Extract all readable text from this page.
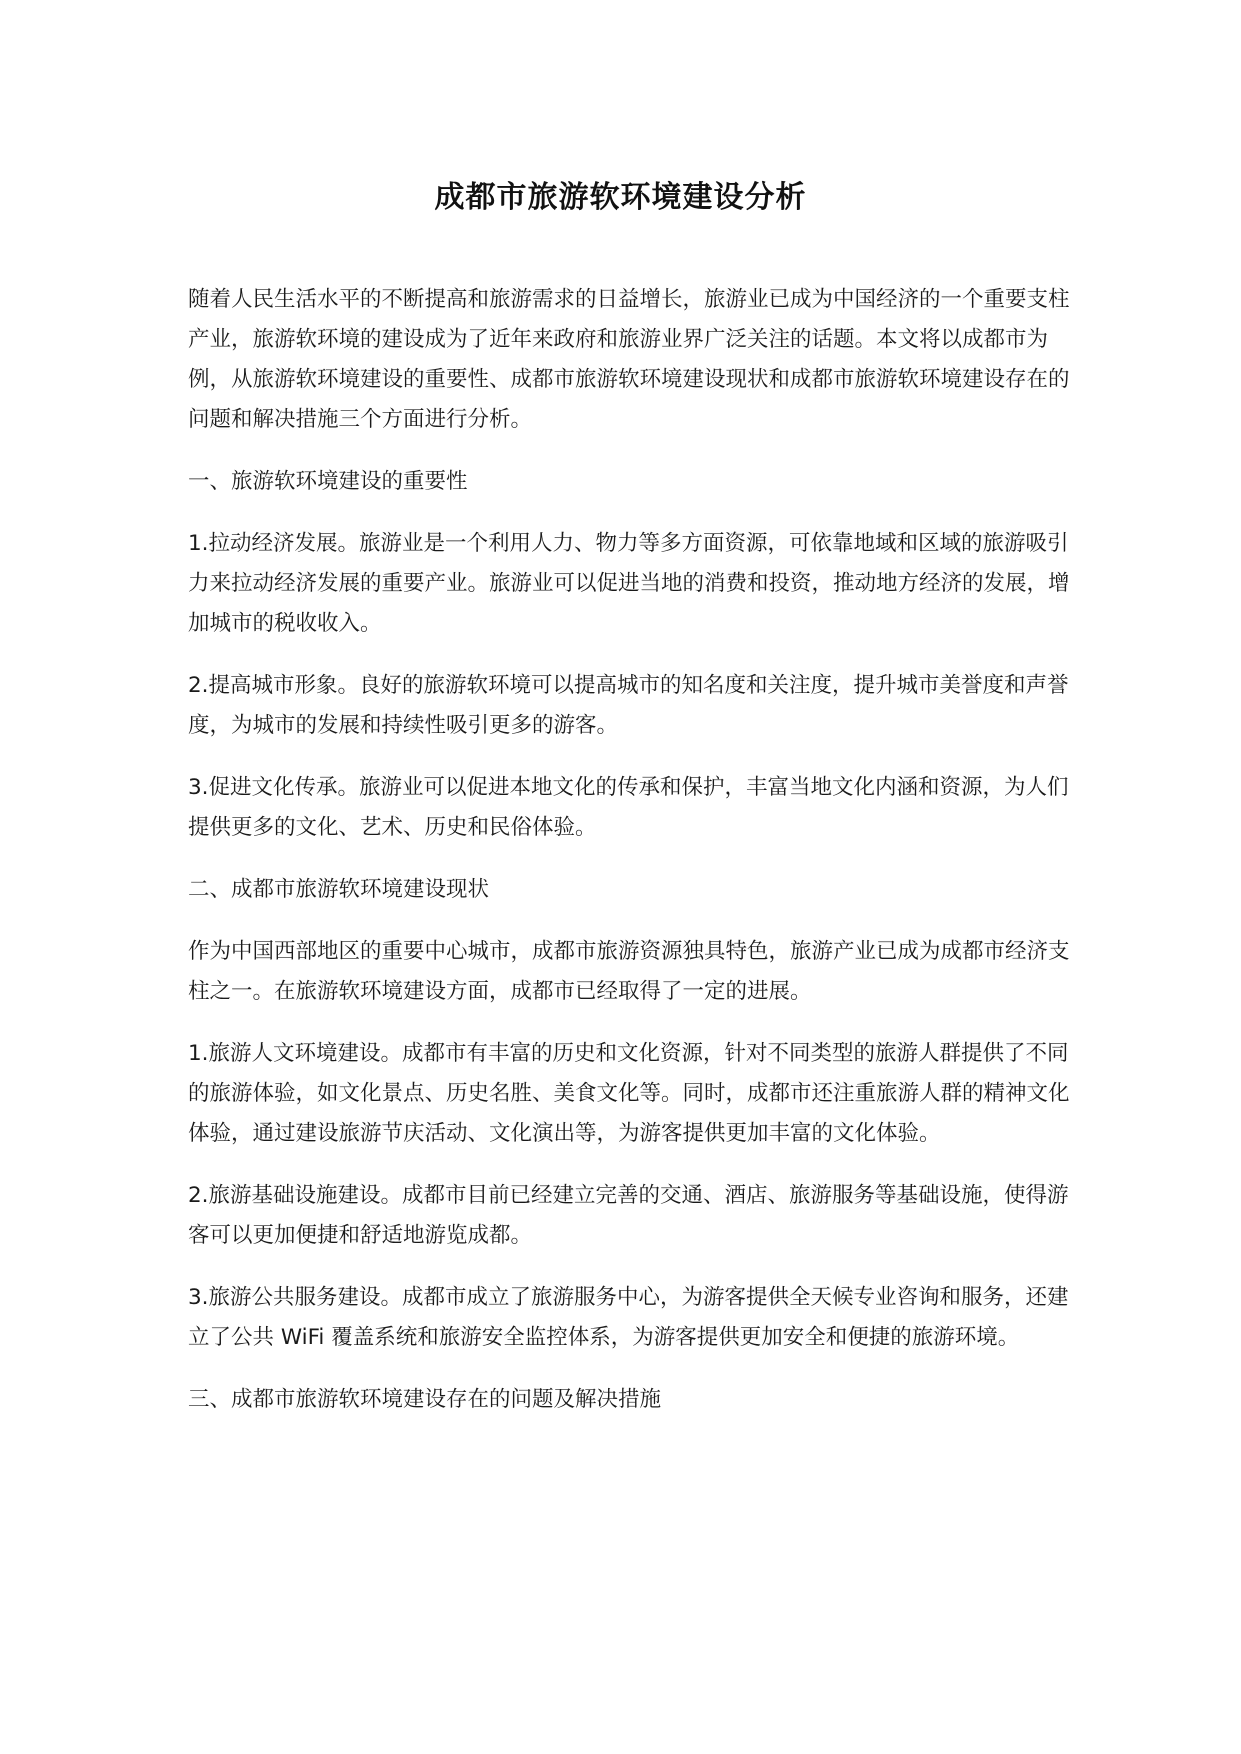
成都市旅游软环境建设分析

随着人民生活水平的不断提高和旅游需求的日益增长，旅游业已成为中国经济的一个重要支柱产业，旅游软环境的建设成为了近年来政府和旅游业界广泛关注的话题。本文将以成都市为例，从旅游软环境建设的重要性、成都市旅游软环境建设现状和成都市旅游软环境建设存在的问题和解决措施三个方面进行分析。

一、旅游软环境建设的重要性

1.拉动经济发展。旅游业是一个利用人力、物力等多方面资源，可依靠地域和区域的旅游吸引力来拉动经济发展的重要产业。旅游业可以促进当地的消费和投资，推动地方经济的发展，增加城市的税收收入。

2.提高城市形象。良好的旅游软环境可以提高城市的知名度和关注度，提升城市美誉度和声誉度，为城市的发展和持续性吸引更多的游客。

3.促进文化传承。旅游业可以促进本地文化的传承和保护，丰富当地文化内涵和资源，为人们提供更多的文化、艺术、历史和民俗体验。

二、成都市旅游软环境建设现状

作为中国西部地区的重要中心城市，成都市旅游资源独具特色，旅游产业已成为成都市经济支柱之一。在旅游软环境建设方面，成都市已经取得了一定的进展。

1.旅游人文环境建设。成都市有丰富的历史和文化资源，针对不同类型的旅游人群提供了不同的旅游体验，如文化景点、历史名胜、美食文化等。同时，成都市还注重旅游人群的精神文化体验，通过建设旅游节庆活动、文化演出等，为游客提供更加丰富的文化体验。

2.旅游基础设施建设。成都市目前已经建立完善的交通、酒店、旅游服务等基础设施，使得游客可以更加便捷和舒适地游览成都。

3.旅游公共服务建设。成都市成立了旅游服务中心，为游客提供全天候专业咨询和服务，还建立了公共 WiFi 覆盖系统和旅游安全监控体系，为游客提供更加安全和便捷的旅游环境。

三、成都市旅游软环境建设存在的问题及解决措施
